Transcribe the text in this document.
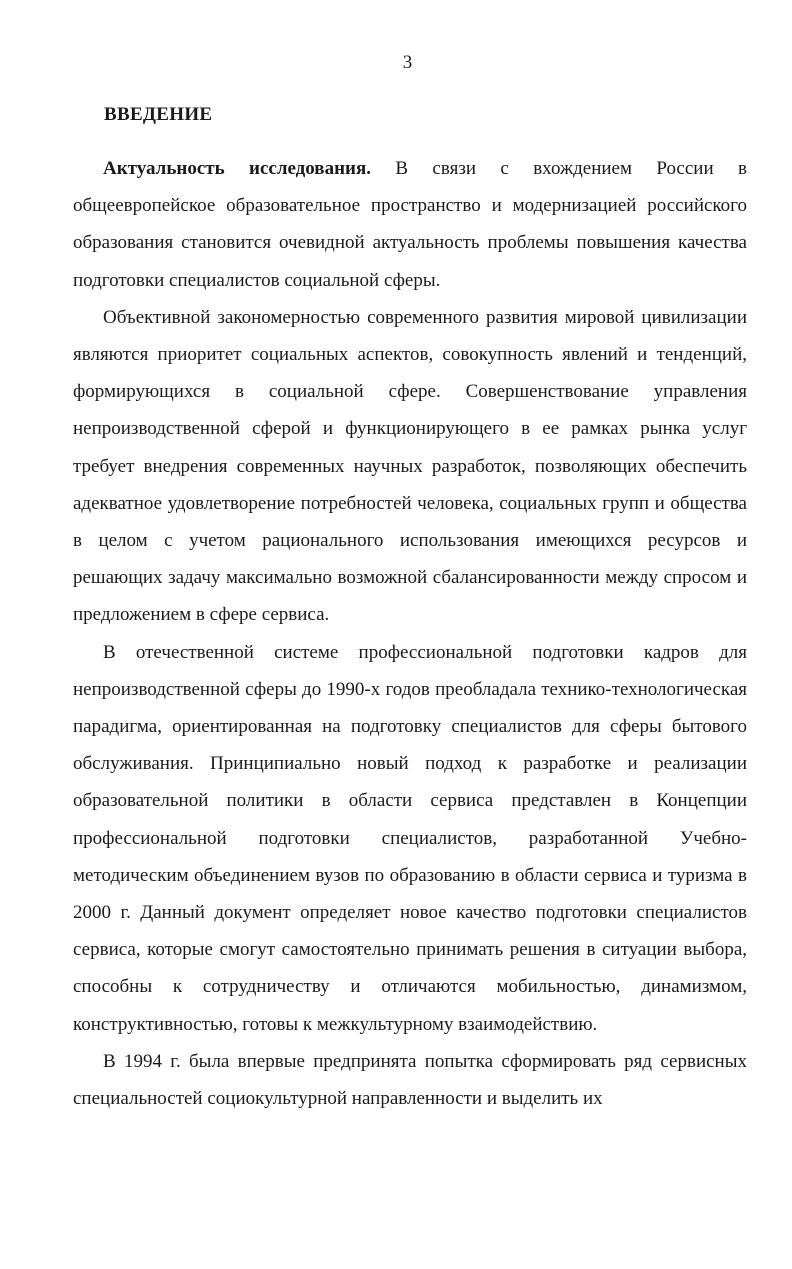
3
ВВЕДЕНИЕ

Актуальность исследования. В связи с вхождением России в общеевропейское образовательное пространство и модернизацией российского образования становится очевидной актуальность проблемы повышения качества подготовки специалистов социальной сферы.

Объективной закономерностью современного развития мировой цивилизации являются приоритет социальных аспектов, совокупность явлений и тенденций, формирующихся в социальной сфере. Совершенствование управления непроизводственной сферой и функционирующего в ее рамках рынка услуг требует внедрения современных научных разработок, позволяющих обеспечить адекватное удовлетворение потребностей человека, социальных групп и общества в целом с учетом рационального использования имеющихся ресурсов и решающих задачу максимально возможной сбалансированности между спросом и предложением в сфере сервиса.

В отечественной системе профессиональной подготовки кадров для непроизводственной сферы до 1990-х годов преобладала технико-технологическая парадигма, ориентированная на подготовку специалистов для сферы бытового обслуживания. Принципиально новый подход к разработке и реализации образовательной политики в области сервиса представлен в Концепции профессиональной подготовки специалистов, разработанной Учебно-методическим объединением вузов по образованию в области сервиса и туризма в 2000 г. Данный документ определяет новое качество подготовки специалистов сервиса, которые смогут самостоятельно принимать решения в ситуации выбора, способны к сотрудничеству и отличаются мобильностью, динамизмом, конструктивностью, готовы к межкультурному взаимодействию.

В 1994 г. была впервые предпринята попытка сформировать ряд сервисных специальностей социокультурной направленности и выделить их
